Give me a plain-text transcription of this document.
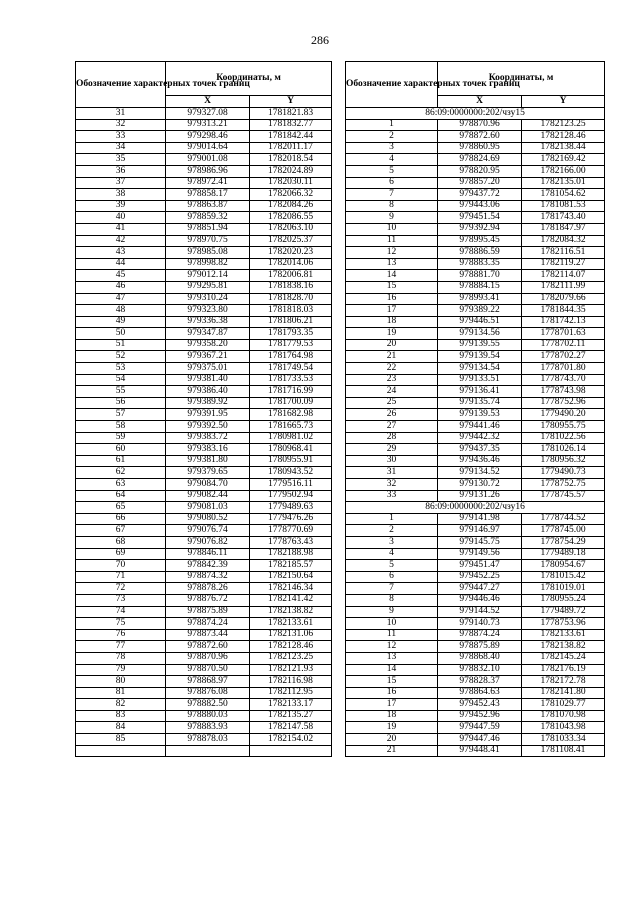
286
Обозначение характерных точек границ	Координаты, м	
	X	Y
31	979327.08	1781821.83
32	979313.21	1781832.77
33	979298.46	1781842.44
34	979014.64	1782011.17
35	979001.08	1782018.54
36	978986.96	1782024.89
37	978972.41	1782030.11
38	978858.17	1782066.32
39	978863.87	1782084.26
40	978859.32	1782086.55
41	978851.94	1782063.10
42	978970.75	1782025.37
43	978985.08	1782020.23
44	978998.82	1782014.06
45	979012.14	1782006.81
46	979295.81	1781838.16
47	979310.24	1781828.70
48	979323.80	1781818.03
49	979336.38	1781806.21
50	979347.87	1781793.35
51	979358.20	1781779.53
52	979367.21	1781764.98
53	979375.01	1781749.54
54	979381.40	1781733.53
55	979386.40	1781716.99
56	979389.92	1781700.09
57	979391.95	1781682.98
58	979392.50	1781665.73
59	979383.72	1780981.02
60	979383.16	1780968.41
61	979381.80	1780955.91
62	979379.65	1780943.52
63	979084.70	1779516.11
64	979082.44	1779502.94
65	979081.03	1779489.63
66	979080.52	1779476.26
67	979076.74	1778770.69
68	979076.82	1778763.43
69	978846.11	1782188.98
70	978842.39	1782185.57
71	978874.32	1782150.64
72	978878.26	1782146.34
73	978876.72	1782141.42
74	978875.89	1782138.82
75	978874.24	1782133.61
76	978873.44	1782131.06
77	978872.60	1782128.46
78	978870.96	1782123.25
79	978870.50	1782121.93
80	978868.97	1782116.98
81	978876.08	1782112.95
82	978882.50	1782133.17
83	978880.03	1782135.27
84	978883.93	1782147.58
85	978878.03	1782154.02

Обозначение характерных точек границ	Координаты, м	
	X	Y
86:09:0000000:202/чзу15		
1	978870.96	1782123.25
2	978872.60	1782128.46
3	978860.95	1782138.44
4	978824.69	1782169.42
5	978820.95	1782166.00
6	978857.20	1782135.01
7	979437.72	1781054.62
8	979443.06	1781081.53
9	979451.54	1781743.40
10	979392.94	1781847.97
11	978995.45	1782084.32
12	978886.59	1782116.51
13	978883.35	1782119.27
14	978881.70	1782114.07
15	978884.15	1782111.99
16	978993.41	1782079.66
17	979389.22	1781844.35
18	979446.51	1781742.13
19	979134.56	1778701.63
20	979139.55	1778702.11
21	979139.54	1778702.27
22	979134.54	1778701.80
23	979133.51	1778743.70
24	979136.41	1778743.98
25	979135.74	1778752.96
26	979139.53	1779490.20
27	979441.46	1780955.75
28	979442.32	1781022.56
29	979437.35	1781026.14
30	979436.46	1780956.32
31	979134.52	1779490.73
32	979130.72	1778752.75
33	979131.26	1778745.57
86:09:0000000:202/чзу16		
1	979141.98	1778744.52
2	979146.97	1778745.00
3	979145.75	1778754.29
4	979149.56	1779489.18
5	979451.47	1780954.67
6	979452.25	1781015.42
7	979447.27	1781019.01
8	979446.46	1780955.24
9	979144.52	1779489.72
10	979140.73	1778753.96
11	978874.24	1782133.61
12	978875.89	1782138.82
13	978868.40	1782145.24
14	978832.10	1782176.19
15	978828.37	1782172.78
16	978864.63	1782141.80
17	979452.43	1781029.77
18	979452.96	1781070.98
19	979447.59	1781043.98
20	979447.46	1781033.34
21	979448.41	1781108.41
